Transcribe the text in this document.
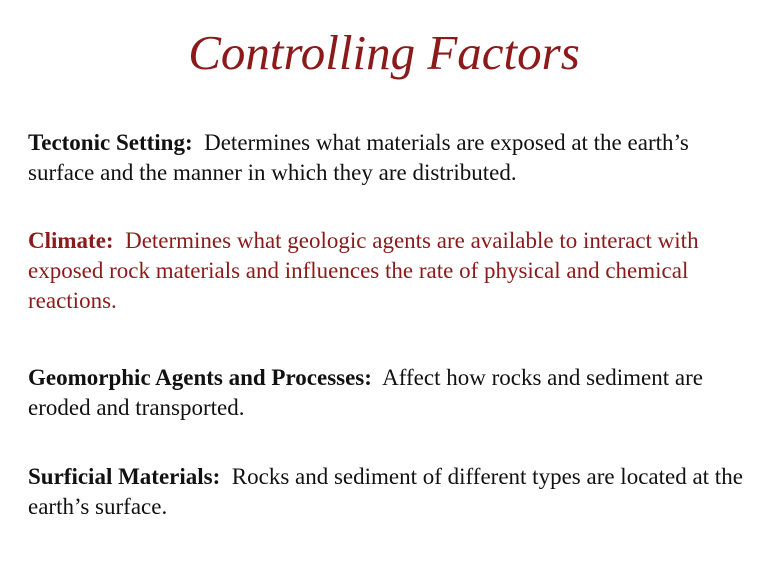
Controlling Factors

Tectonic Setting: Determines what materials are exposed at the earth’s surface and the manner in which they are distributed.

Climate: Determines what geologic agents are available to interact with exposed rock materials and influences the rate of physical and chemical reactions.

Geomorphic Agents and Processes: Affect how rocks and sediment are eroded and transported.

Surficial Materials: Rocks and sediment of different types are located at the earth’s surface.
